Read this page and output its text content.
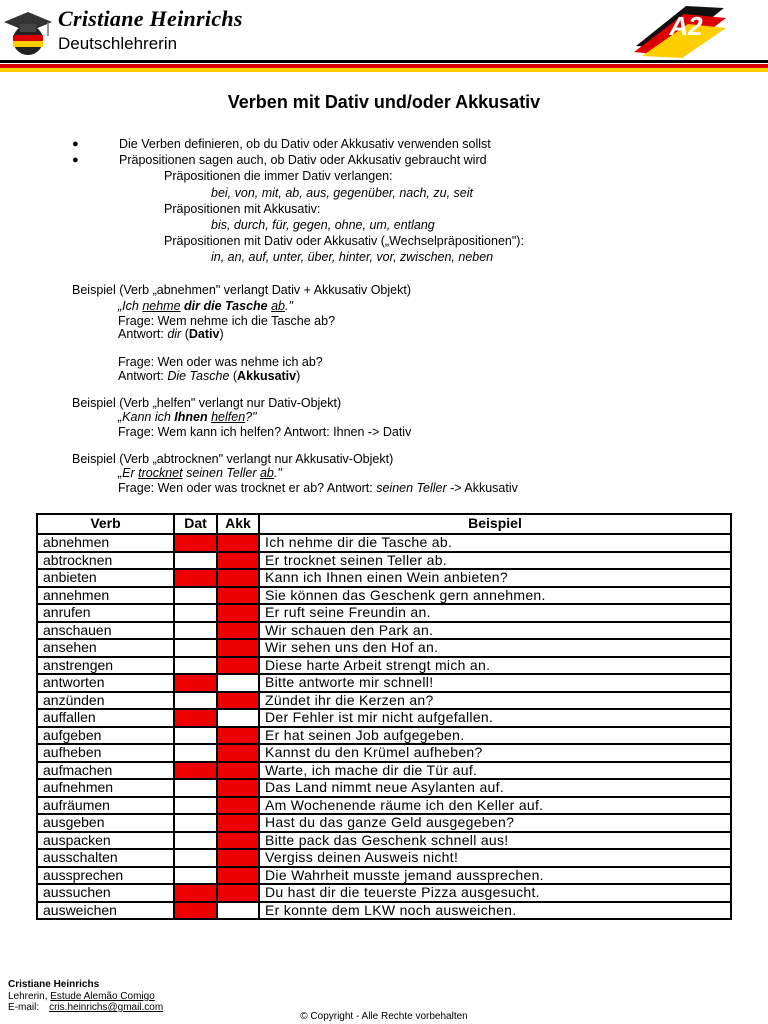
Cristiane Heinrichs
Deutschlehrerin
A2
Verben mit Dativ und/oder Akkusativ
●	Die Verben definieren, ob du Dativ oder Akkusativ verwenden sollst
●	Präpositionen sagen auch, ob Dativ oder Akkusativ gebraucht wird
Präpositionen die immer Dativ verlangen:
bei, von, mit, ab, aus, gegenüber, nach, zu, seit
Präpositionen mit Akkusativ:
bis, durch, für, gegen, ohne, um, entlang
Präpositionen mit Dativ oder Akkusativ („Wechselpräpositionen"):
in, an, auf, unter, über, hinter, vor, zwischen, neben
Beispiel (Verb „abnehmen" verlangt Dativ + Akkusativ Objekt)
„Ich nehme dir die Tasche ab."
Frage: Wem nehme ich die Tasche ab?
Antwort: dir (Dativ)
Frage: Wen oder was nehme ich ab?
Antwort: Die Tasche (Akkusativ)
Beispiel (Verb „helfen" verlangt nur Dativ-Objekt)
„Kann ich Ihnen helfen?"
Frage: Wem kann ich helfen? Antwort: Ihnen -> Dativ
Beispiel (Verb „abtrocknen" verlangt nur Akkusativ-Objekt)
„Er trocknet seinen Teller ab."
Frage: Wen oder was trocknet er ab? Antwort: seinen Teller -> Akkusativ
Verb	Dat	Akk	Beispiel
abnehmen			Ich nehme dir die Tasche ab.
abtrocknen			Er trocknet seinen Teller ab.
anbieten			Kann ich Ihnen einen Wein anbieten?
annehmen			Sie können das Geschenk gern annehmen.
anrufen			Er ruft seine Freundin an.
anschauen			Wir schauen den Park an.
ansehen			Wir sehen uns den Hof an.
anstrengen			Diese harte Arbeit strengt mich an.
antworten			Bitte antworte mir schnell!
anzünden			Zündet ihr die Kerzen an?
auffallen			Der Fehler ist mir nicht aufgefallen.
aufgeben			Er hat seinen Job aufgegeben.
aufheben			Kannst du den Krümel aufheben?
aufmachen			Warte, ich mache dir die Tür auf.
aufnehmen			Das Land nimmt neue Asylanten auf.
aufräumen			Am Wochenende räume ich den Keller auf.
ausgeben			Hast du das ganze Geld ausgegeben?
auspacken			Bitte pack das Geschenk schnell aus!
ausschalten			Vergiss deinen Ausweis nicht!
aussprechen			Die Wahrheit musste jemand aussprechen.
aussuchen			Du hast dir die teuerste Pizza ausgesucht.
ausweichen			Er konnte dem LKW noch ausweichen.
Cristiane Heinrichs
Lehrerin, Estude Alemão Comigo
E-mail: cris.heinrichs@gmail.com
© Copyright - Alle Rechte vorbehalten
